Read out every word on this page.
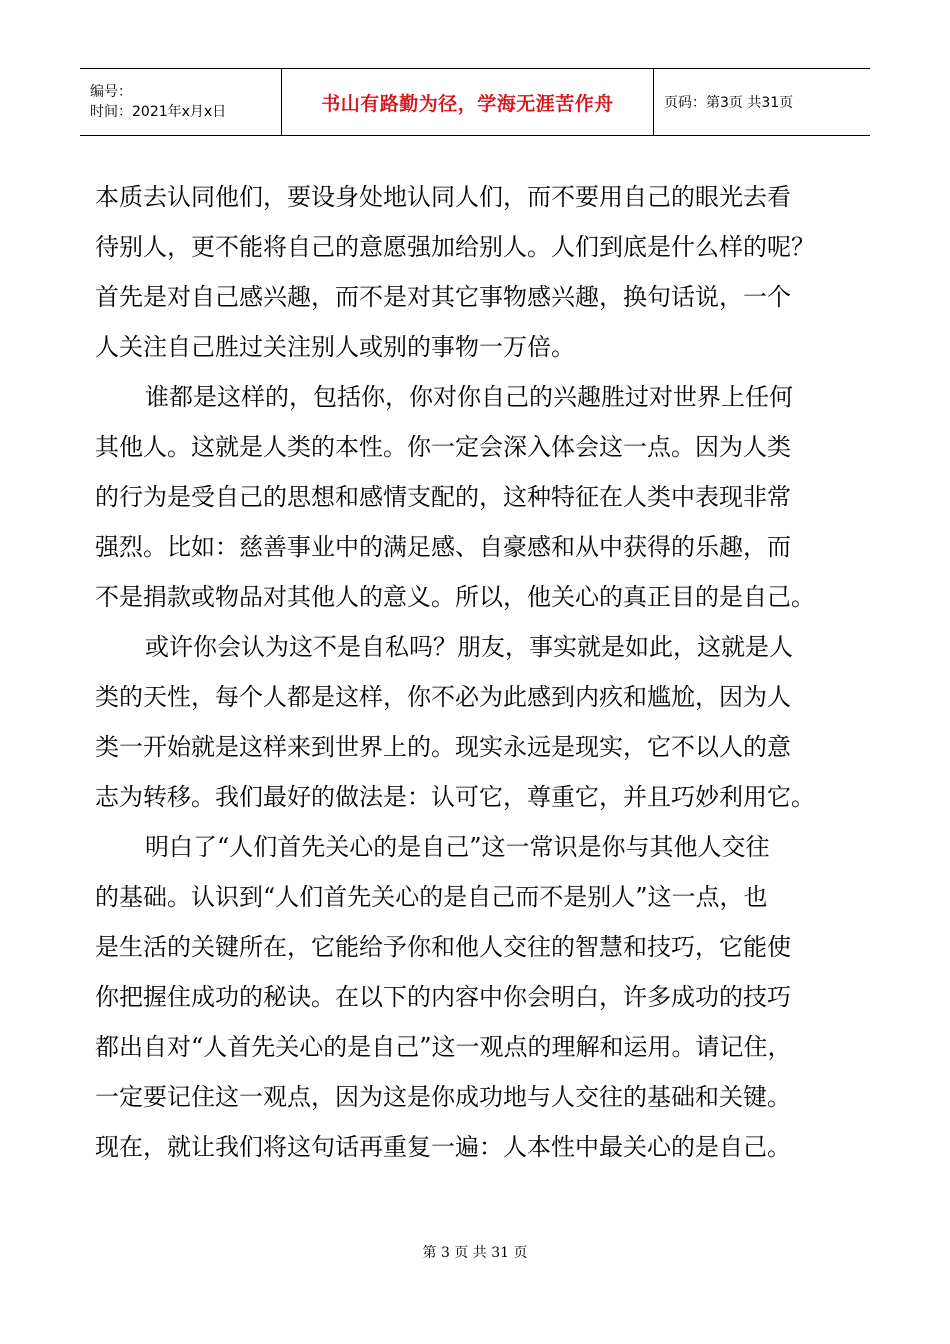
编号：
时间：2021年x月x日	书山有路勤为径，学海无涯苦作舟	页码：第3页 共31页
本质去认同他们，要设身处地认同人们，而不要用自己的眼光去看
待别人，更不能将自己的意愿强加给别人。人们到底是什么样的呢？
首先是对自己感兴趣，而不是对其它事物感兴趣，换句话说，一个
人关注自己胜过关注别人或别的事物一万倍。
谁都是这样的，包括你，你对你自己的兴趣胜过对世界上任何
其他人。这就是人类的本性。你一定会深入体会这一点。因为人类
的行为是受自己的思想和感情支配的，这种特征在人类中表现非常
强烈。比如：慈善事业中的满足感、自豪感和从中获得的乐趣，而
不是捐款或物品对其他人的意义。所以，他关心的真正目的是自己。
或许你会认为这不是自私吗？朋友，事实就是如此，这就是人
类的天性，每个人都是这样，你不必为此感到内疚和尴尬，因为人
类一开始就是这样来到世界上的。现实永远是现实，它不以人的意
志为转移。我们最好的做法是：认可它，尊重它，并且巧妙利用它。
明白了“人们首先关心的是自己”这一常识是你与其他人交往
的基础。认识到“人们首先关心的是自己而不是别人”这一点，也
是生活的关键所在，它能给予你和他人交往的智慧和技巧，它能使
你把握住成功的秘诀。在以下的内容中你会明白，许多成功的技巧
都出自对“人首先关心的是自己”这一观点的理解和运用。请记住，
一定要记住这一观点，因为这是你成功地与人交往的基础和关键。
现在，就让我们将这句话再重复一遍：人本性中最关心的是自己。
第 3 页 共 31 页
